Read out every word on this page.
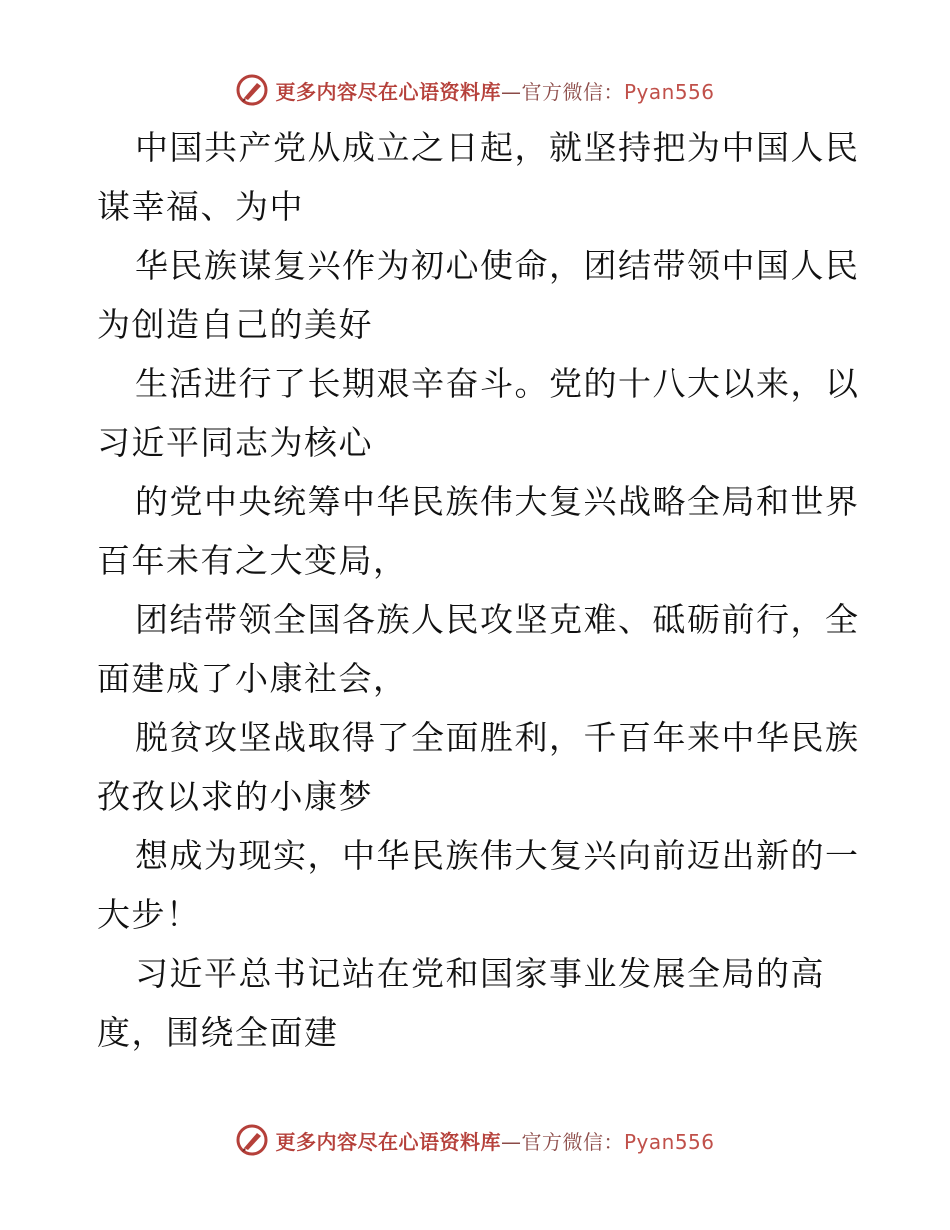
更多内容尽在心语资料库—官方微信：Pyan556
中国共产党从成立之日起，就坚持把为中国人民
谋幸福、为中
华民族谋复兴作为初心使命，团结带领中国人民
为创造自己的美好
生活进行了长期艰辛奋斗。党的十八大以来，以
习近平同志为核心
的党中央统筹中华民族伟大复兴战略全局和世界
百年未有之大变局，
团结带领全国各族人民攻坚克难、砥砺前行，全
面建成了小康社会，
脱贫攻坚战取得了全面胜利，千百年来中华民族
孜孜以求的小康梦
想成为现实，中华民族伟大复兴向前迈出新的一
大步！
习近平总书记站在党和国家事业发展全局的高
度，围绕全面建
更多内容尽在心语资料库—官方微信：Pyan556
